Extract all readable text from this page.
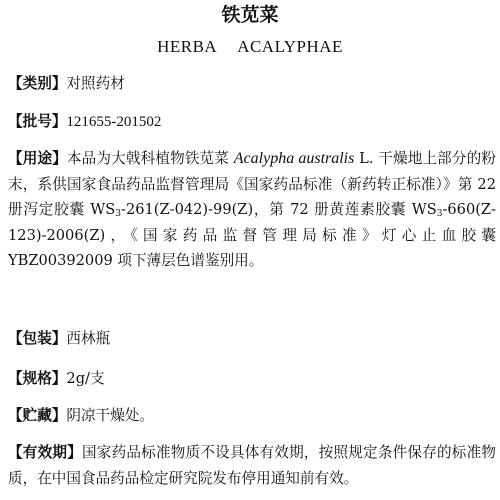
铁苋菜
HERBA ACALYPHAE
【类别】对照药材
【批号】121655-201502
【用途】本品为大戟科植物铁苋菜 Acalypha australis L. 干燥地上部分的粉末，系供国家食品药品监督管理局《国家药品标准（新药转正标准）》第 22 册泻定胶囊 $WS_3-261(Z-042)-99(Z)$，第 72 册黄莲素胶囊 $WS_3-660(Z-123)-2006(Z)$，《国家药品监督管理局标准》灯心止血胶囊 YBZ00392009 项下薄层色谱鉴别用。
【包装】西林瓶
【规格】2g/支
【贮藏】阴凉干燥处。
【有效期】国家药品标准物质不设具体有效期，按照规定条件保存的标准物质，在中国食品药品检定研究院发布停用通知前有效。
